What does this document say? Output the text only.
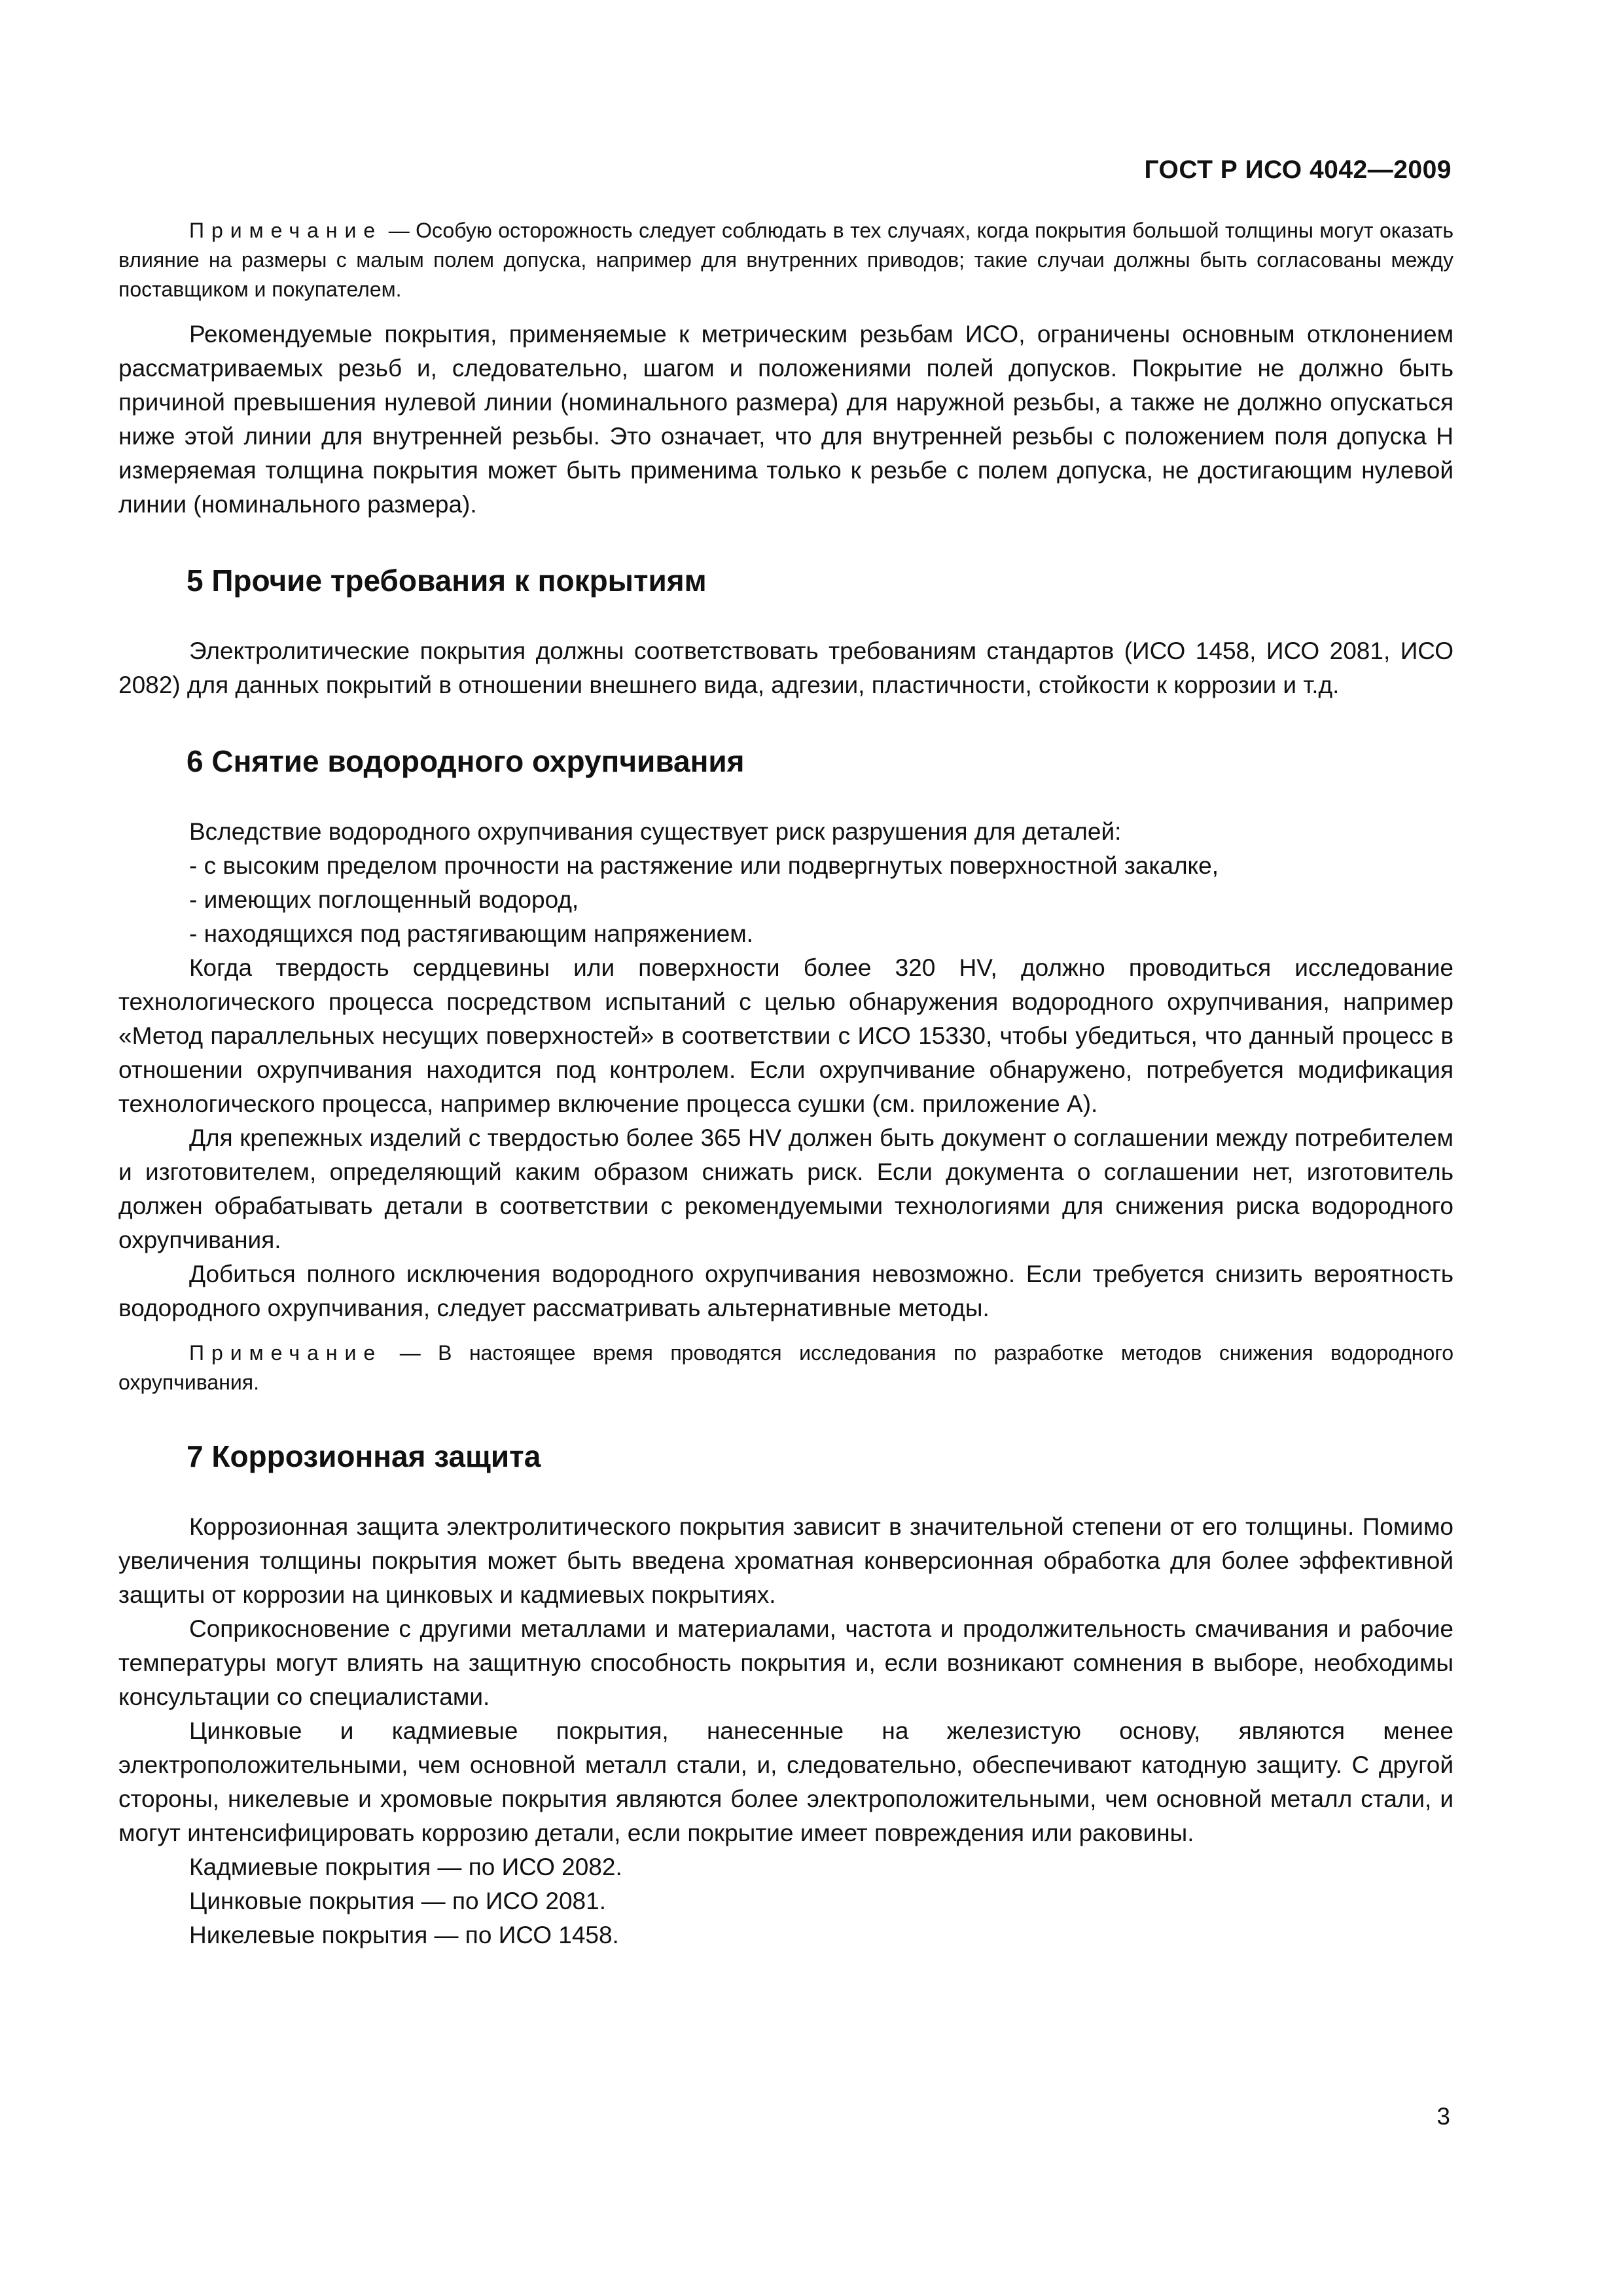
ГОСТ Р ИСО 4042—2009

Примечание — Особую осторожность следует соблюдать в тех случаях, когда покрытия большой толщины могут оказать влияние на размеры с малым полем допуска, например для внутренних приводов; такие случаи должны быть согласованы между поставщиком и покупателем.

Рекомендуемые покрытия, применяемые к метрическим резьбам ИСО, ограничены основным отклонением рассматриваемых резьб и, следовательно, шагом и положениями полей допусков. Покрытие не должно быть причиной превышения нулевой линии (номинального размера) для наружной резьбы, а также не должно опускаться ниже этой линии для внутренней резьбы. Это означает, что для внутренней резьбы с положением поля допуска H измеряемая толщина покрытия может быть применима только к резьбе с полем допуска, не достигающим нулевой линии (номинального размера).

5 Прочие требования к покрытиям

Электролитические покрытия должны соответствовать требованиям стандартов (ИСО 1458, ИСО 2081, ИСО 2082) для данных покрытий в отношении внешнего вида, адгезии, пластичности, стойкости к коррозии и т.д.

6 Снятие водородного охрупчивания

Вследствие водородного охрупчивания существует риск разрушения для деталей:

- с высоким пределом прочности на растяжение или подвергнутых поверхностной закалке,
- имеющих поглощенный водород,
- находящихся под растягивающим напряжением.

Когда твердость сердцевины или поверхности более 320 HV, должно проводиться исследование технологического процесса посредством испытаний с целью обнаружения водородного охрупчивания, например «Метод параллельных несущих поверхностей» в соответствии с ИСО 15330, чтобы убедиться, что данный процесс в отношении охрупчивания находится под контролем. Если охрупчивание обнаружено, потребуется модификация технологического процесса, например включение процесса сушки (см. приложение А).

Для крепежных изделий с твердостью более 365 HV должен быть документ о соглашении между потребителем и изготовителем, определяющий каким образом снижать риск. Если документа о соглашении нет, изготовитель должен обрабатывать детали в соответствии с рекомендуемыми технологиями для снижения риска водородного охрупчивания.

Добиться полного исключения водородного охрупчивания невозможно. Если требуется снизить вероятность водородного охрупчивания, следует рассматривать альтернативные методы.

Примечание — В настоящее время проводятся исследования по разработке методов снижения водородного охрупчивания.

7 Коррозионная защита

Коррозионная защита электролитического покрытия зависит в значительной степени от его толщины. Помимо увеличения толщины покрытия может быть введена хроматная конверсионная обработка для более эффективной защиты от коррозии на цинковых и кадмиевых покрытиях.

Соприкосновение с другими металлами и материалами, частота и продолжительность смачивания и рабочие температуры могут влиять на защитную способность покрытия и, если возникают сомнения в выборе, необходимы консультации со специалистами.

Цинковые и кадмиевые покрытия, нанесенные на железистую основу, являются менее электроположительными, чем основной металл стали, и, следовательно, обеспечивают катодную защиту. С другой стороны, никелевые и хромовые покрытия являются более электроположительными, чем основной металл стали, и могут интенсифицировать коррозию детали, если покрытие имеет повреждения или раковины.

Кадмиевые покрытия — по ИСО 2082.

Цинковые покрытия — по ИСО 2081.

Никелевые покрытия — по ИСО 1458.

3
